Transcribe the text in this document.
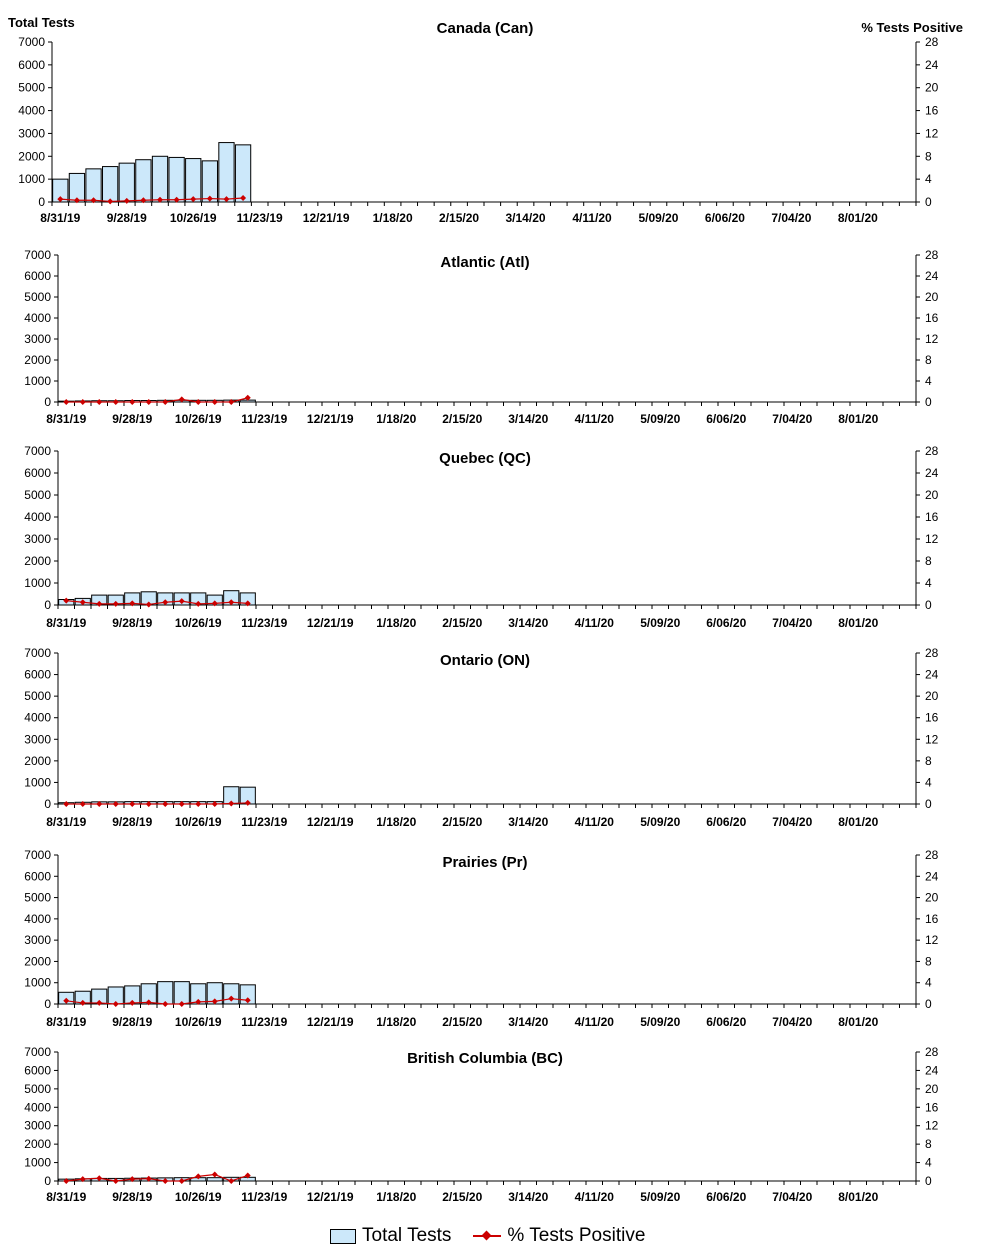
Total Tests	% Tests Positive
Canada (Can)
0
1000
2000
3000
4000
5000
6000
7000
0
4
8
12
16
20
24
28
8/31/19 9/28/19 10/26/19 11/23/19 12/21/19 1/18/20 2/15/20 3/14/20 4/11/20 5/09/20 6/06/20 7/04/20 8/01/20
Atlantic (Atl)
0
1000
2000
3000
4000
5000
6000
7000
0
4
8
12
16
20
24
28
8/31/19 9/28/19 10/26/19 11/23/19 12/21/19 1/18/20 2/15/20 3/14/20 4/11/20 5/09/20 6/06/20 7/04/20 8/01/20
Quebec (QC)
0
1000
2000
3000
4000
5000
6000
7000
0
4
8
12
16
20
24
28
8/31/19 9/28/19 10/26/19 11/23/19 12/21/19 1/18/20 2/15/20 3/14/20 4/11/20 5/09/20 6/06/20 7/04/20 8/01/20
Ontario (ON)
0
1000
2000
3000
4000
5000
6000
7000
0
4
8
12
16
20
24
28
8/31/19 9/28/19 10/26/19 11/23/19 12/21/19 1/18/20 2/15/20 3/14/20 4/11/20 5/09/20 6/06/20 7/04/20 8/01/20
Prairies (Pr)
0
1000
2000
3000
4000
5000
6000
7000
0
4
8
12
16
20
24
28
8/31/19 9/28/19 10/26/19 11/23/19 12/21/19 1/18/20 2/15/20 3/14/20 4/11/20 5/09/20 6/06/20 7/04/20 8/01/20
British Columbia (BC)
0
1000
2000
3000
4000
5000
6000
7000
0
4
8
12
16
20
24
28
8/31/19 9/28/19 10/26/19 11/23/19 12/21/19 1/18/20 2/15/20 3/14/20 4/11/20 5/09/20 6/06/20 7/04/20 8/01/20
Total Tests	% Tests Positive
